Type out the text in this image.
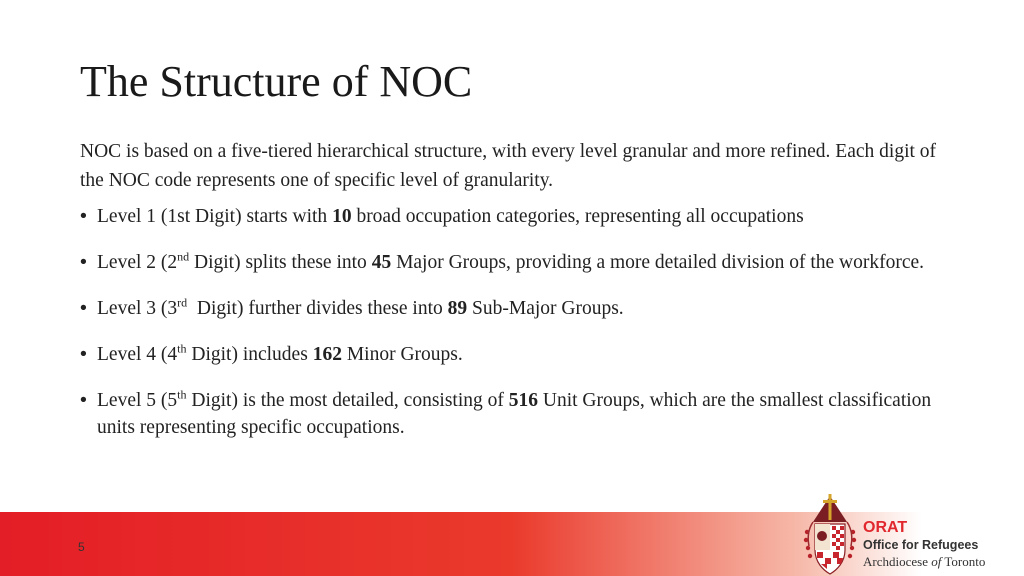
The Structure of NOC
NOC is based on a five-tiered hierarchical structure, with every level granular and more refined. Each digit of the NOC code represents one of specific level of granularity.
• Level 1 (1st Digit) starts with 10 broad occupation categories, representing all occupations
• Level 2 (2nd Digit) splits these into 45 Major Groups, providing a more detailed division of the workforce.
• Level 3 (3rd  Digit) further divides these into 89 Sub-Major Groups.
• Level 4 (4th Digit) includes 162 Minor Groups.
• Level 5 (5th Digit) is the most detailed, consisting of 516 Unit Groups, which are the smallest classification units representing specific occupations.
5
ORAT
Office for Refugees
Archdiocese of Toronto
